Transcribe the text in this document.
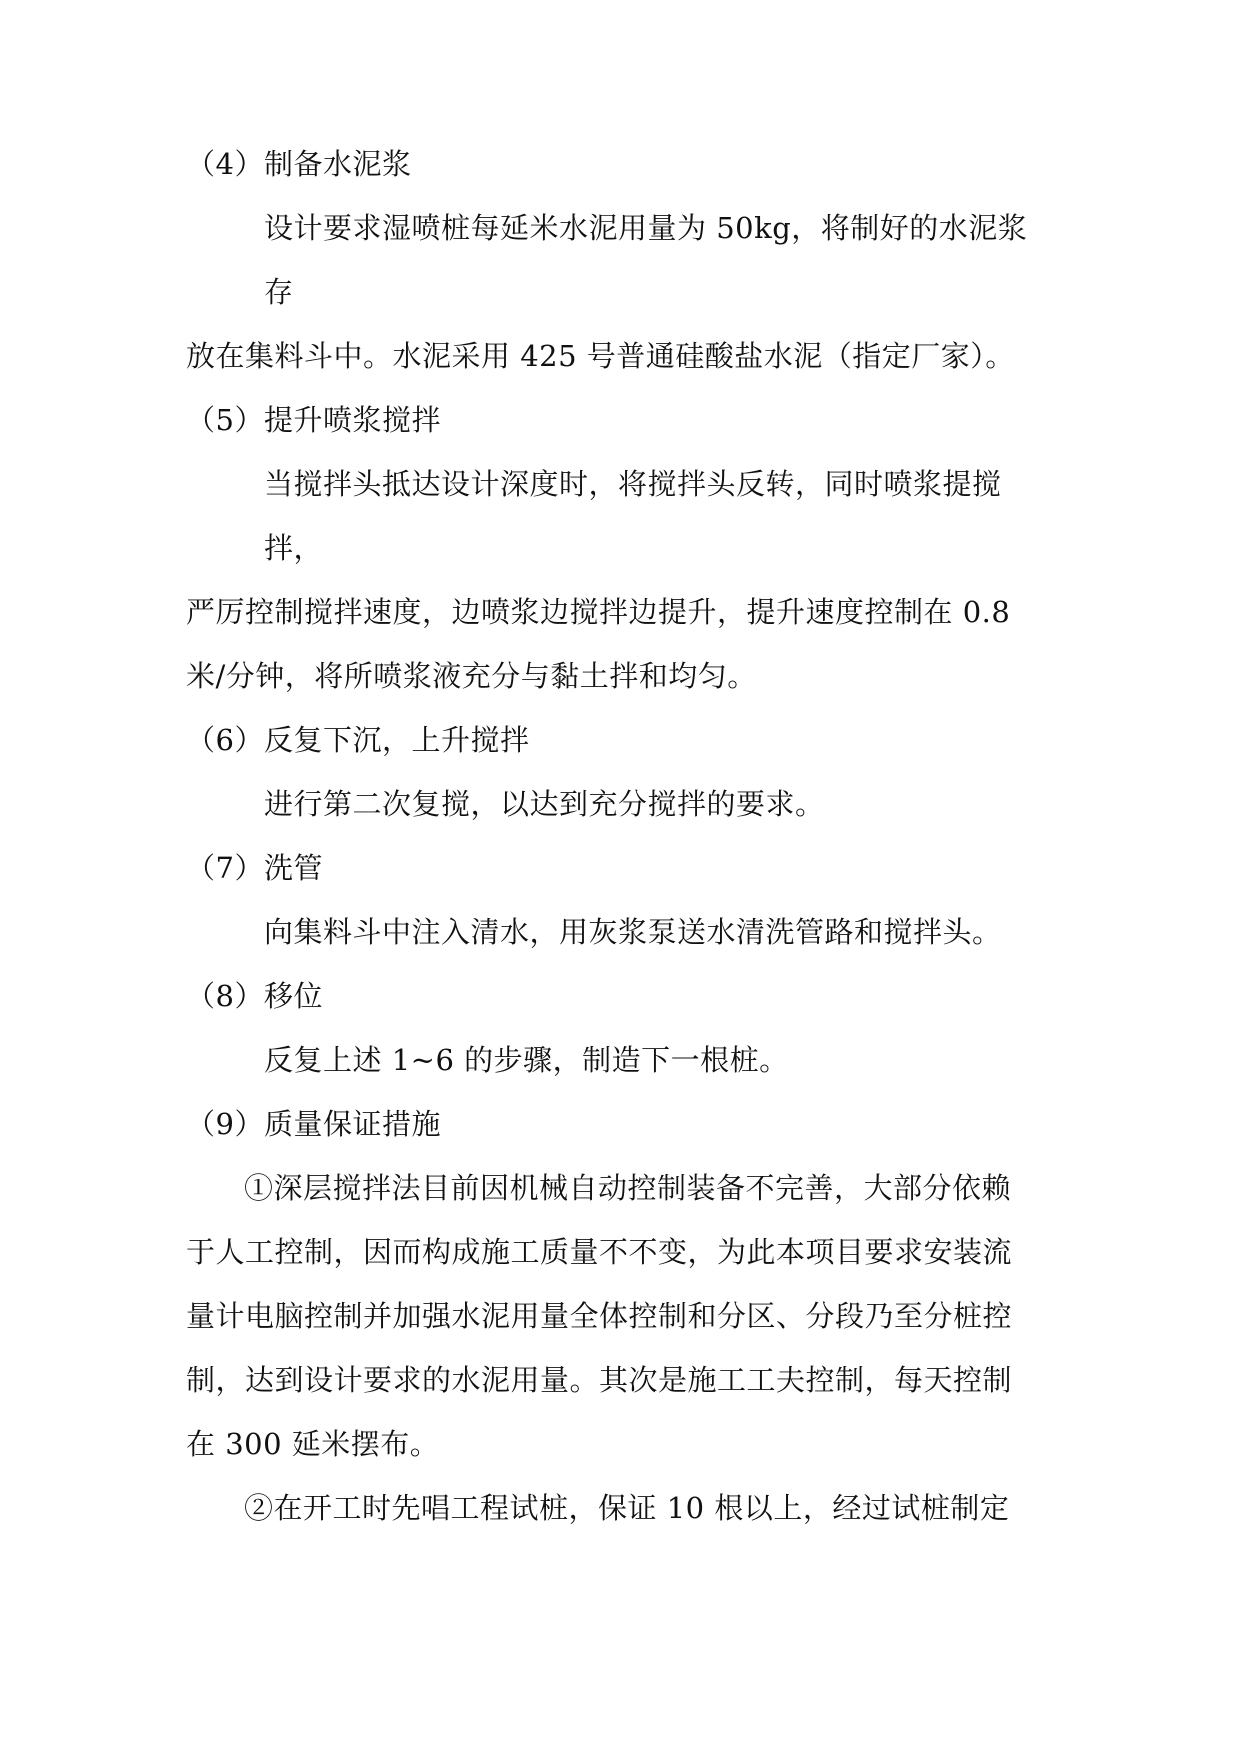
（4）制备水泥浆
设计要求湿喷桩每延米水泥用量为 50kg，将制好的水泥浆
存
放在集料斗中。水泥采用 425 号普通硅酸盐水泥（指定厂家）。
（5）提升喷浆搅拌
当搅拌头抵达设计深度时，将搅拌头反转，同时喷浆提搅
拌，
严厉控制搅拌速度，边喷浆边搅拌边提升，提升速度控制在 0.8
米/分钟，将所喷浆液充分与黏土拌和均匀。
（6）反复下沉，上升搅拌
进行第二次复搅，以达到充分搅拌的要求。
（7）洗管
向集料斗中注入清水，用灰浆泵送水清洗管路和搅拌头。
（8）移位
反复上述 1~6 的步骤，制造下一根桩。
（9）质量保证措施
①深层搅拌法目前因机械自动控制装备不完善，大部分依赖
于人工控制，因而构成施工质量不不变，为此本项目要求安装流
量计电脑控制并加强水泥用量全体控制和分区、分段乃至分桩控
制，达到设计要求的水泥用量。其次是施工工夫控制，每天控制
在 300 延米摆布。
②在开工时先唱工程试桩，保证 10 根以上，经过试桩制定
